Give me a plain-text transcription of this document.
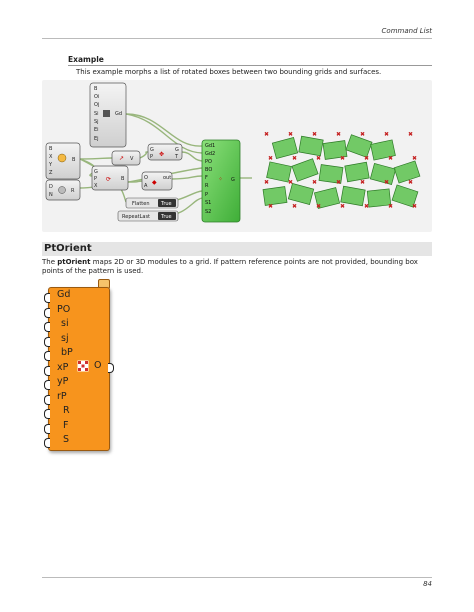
Command List
Example
This example morphs a list of rotated boxes between two bounding grids and surfaces.
B
Oi
Oj
Si
Sj
Ei
Ej
Gd
B
X
Y
Z
B
D
N
R
V
↗
G
P
G
T
✥
G
P
X
B
⟳	O
A
out
◆
Flatten True
RepeatLast True
Gd1
Gd2
PO
BO
F
R
P
S1
S2
G
⁘
✖	✖	✖	✖	✖	✖	✖
✖	✖	✖	✖	✖	✖	✖
✖	✖	✖	✖	✖	✖	✖
✖	✖	✖	✖	✖	✖	✖
PtOrient
The ptOrient maps 2D or 3D modules to a grid. If pattern reference points are not provided, bounding box points of the pattern is used.
Gd
PO
si
sj
bP
xP
yP
rP
R
F
S
O
84
